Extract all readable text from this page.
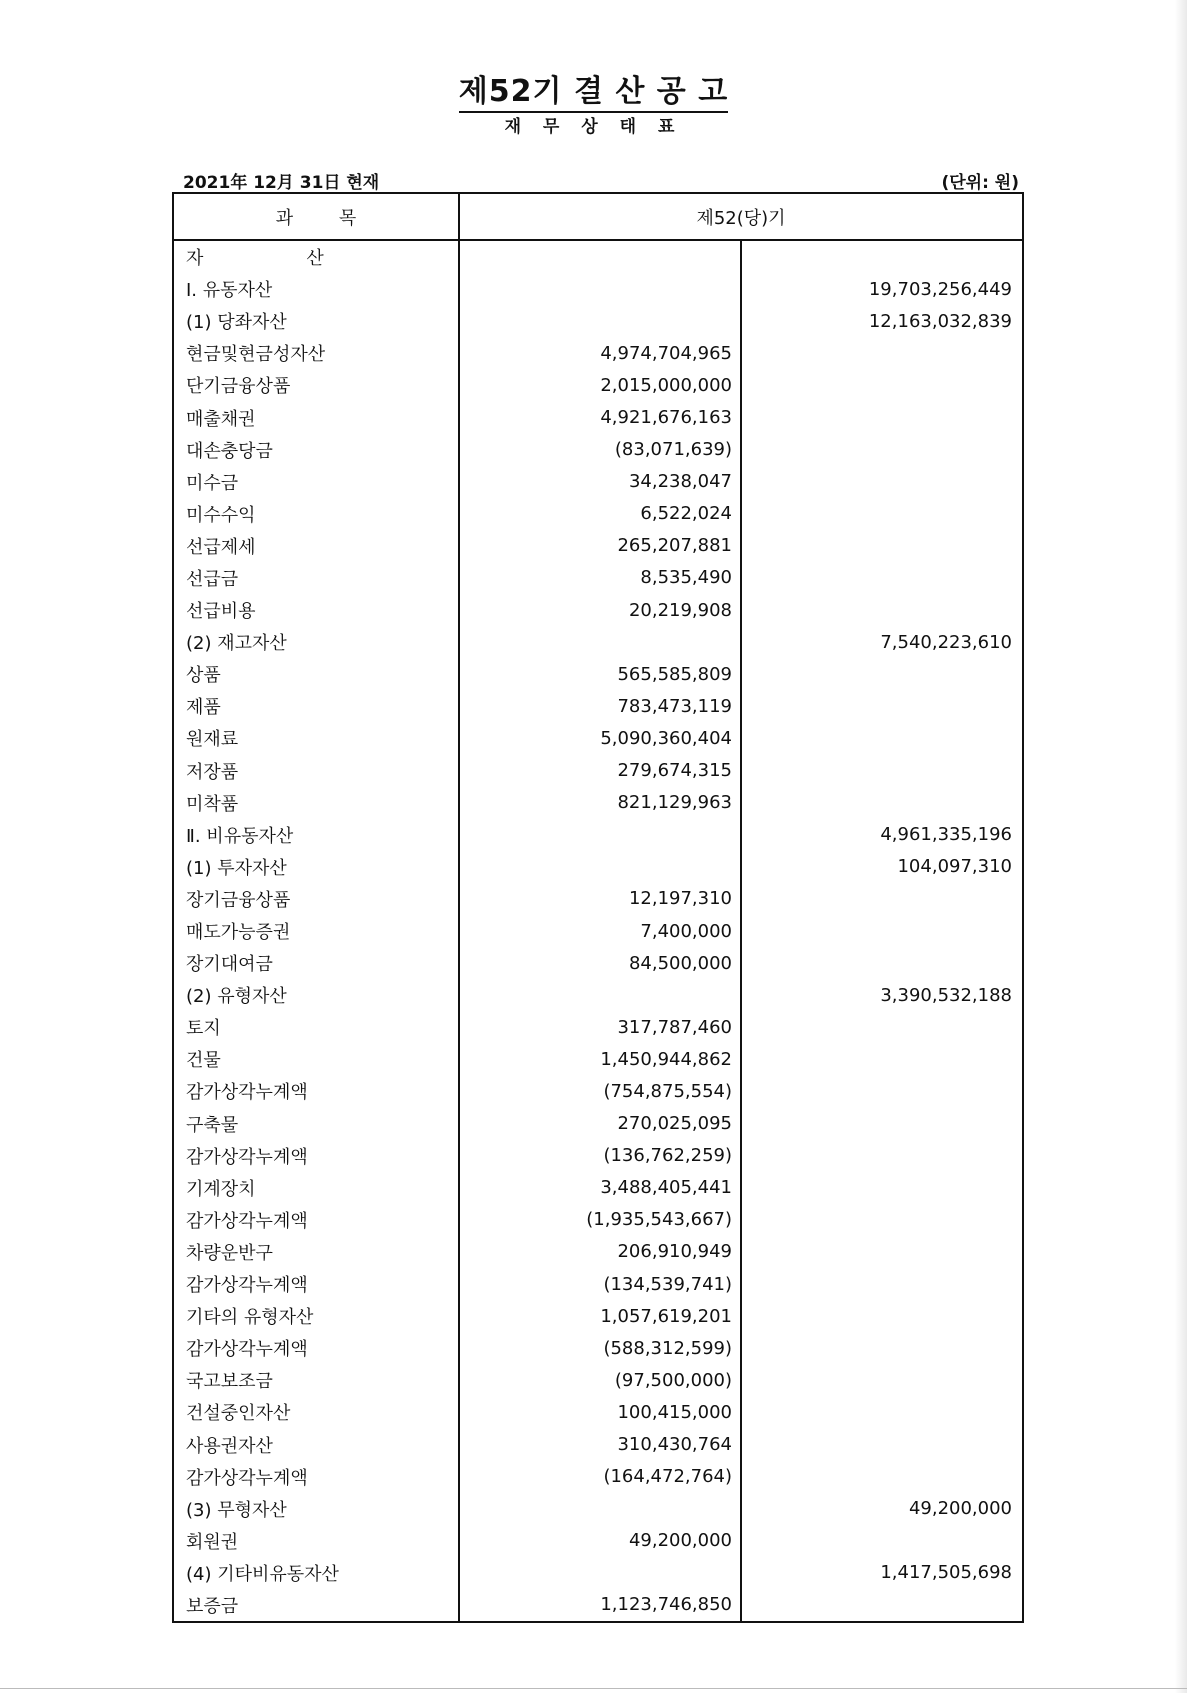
제52기 결 산 공 고
재 무 상 태 표
2021年 12月 31日 현재	(단위: 원)
과        목	제52(당)기	
자                  산		
Ⅰ. 유동자산		19,703,256,449
(1) 당좌자산		12,163,032,839
현금및현금성자산	4,974,704,965	
단기금융상품	2,015,000,000	
매출채권	4,921,676,163	
대손충당금	(83,071,639)	
미수금	34,238,047	
미수수익	6,522,024	
선급제세	265,207,881	
선급금	8,535,490	
선급비용	20,219,908	
(2) 재고자산		7,540,223,610
상품	565,585,809	
제품	783,473,119	
원재료	5,090,360,404	
저장품	279,674,315	
미착품	821,129,963	
Ⅱ. 비유동자산		4,961,335,196
(1) 투자자산		104,097,310
장기금융상품	12,197,310	
매도가능증권	7,400,000	
장기대여금	84,500,000	
(2) 유형자산		3,390,532,188
토지	317,787,460	
건물	1,450,944,862	
감가상각누계액	(754,875,554)	
구축물	270,025,095	
감가상각누계액	(136,762,259)	
기계장치	3,488,405,441	
감가상각누계액	(1,935,543,667)	
차량운반구	206,910,949	
감가상각누계액	(134,539,741)	
기타의 유형자산	1,057,619,201	
감가상각누계액	(588,312,599)	
국고보조금	(97,500,000)	
건설중인자산	100,415,000	
사용권자산	310,430,764	
감가상각누계액	(164,472,764)	
(3) 무형자산		49,200,000
회원권	49,200,000	
(4) 기타비유동자산		1,417,505,698
보증금	1,123,746,850	
